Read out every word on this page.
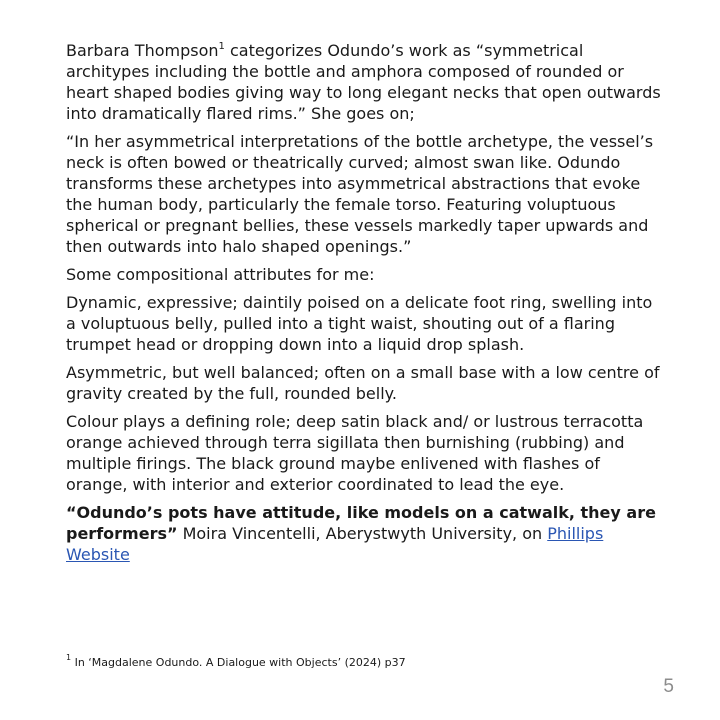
Barbara Thompson$^1$ categorizes Odundo’s work as “symmetrical architypes including the bottle and amphora composed of rounded or heart shaped bodies giving way to long elegant necks that open outwards into dramatically flared rims.” She goes on;

“In her asymmetrical interpretations of the bottle archetype, the vessel’s neck is often bowed or theatrically curved; almost swan like. Odundo transforms these archetypes into asymmetrical abstractions that evoke the human body, particularly the female torso. Featuring voluptuous spherical or pregnant bellies, these vessels markedly taper upwards and then outwards into halo shaped openings.”

Some compositional attributes for me:

Dynamic, expressive; daintily poised on a delicate foot ring, swelling into a voluptuous belly, pulled into a tight waist, shouting out of a flaring trumpet head or dropping down into a liquid drop splash.

Asymmetric, but well balanced; often on a small base with a low centre of gravity created by the full, rounded belly.

Colour plays a defining role; deep satin black and/ or lustrous terracotta orange achieved through terra sigillata then burnishing (rubbing) and multiple firings. The black ground maybe enlivened with flashes of orange, with interior and exterior coordinated to lead the eye.

“Odundo’s pots have attitude, like models on a catwalk, they are performers” Moira Vincentelli, Aberystwyth University, on Phillips Website

$^1$ In ‘Magdalene Odundo. A Dialogue with Objects’ (2024) p37
5
